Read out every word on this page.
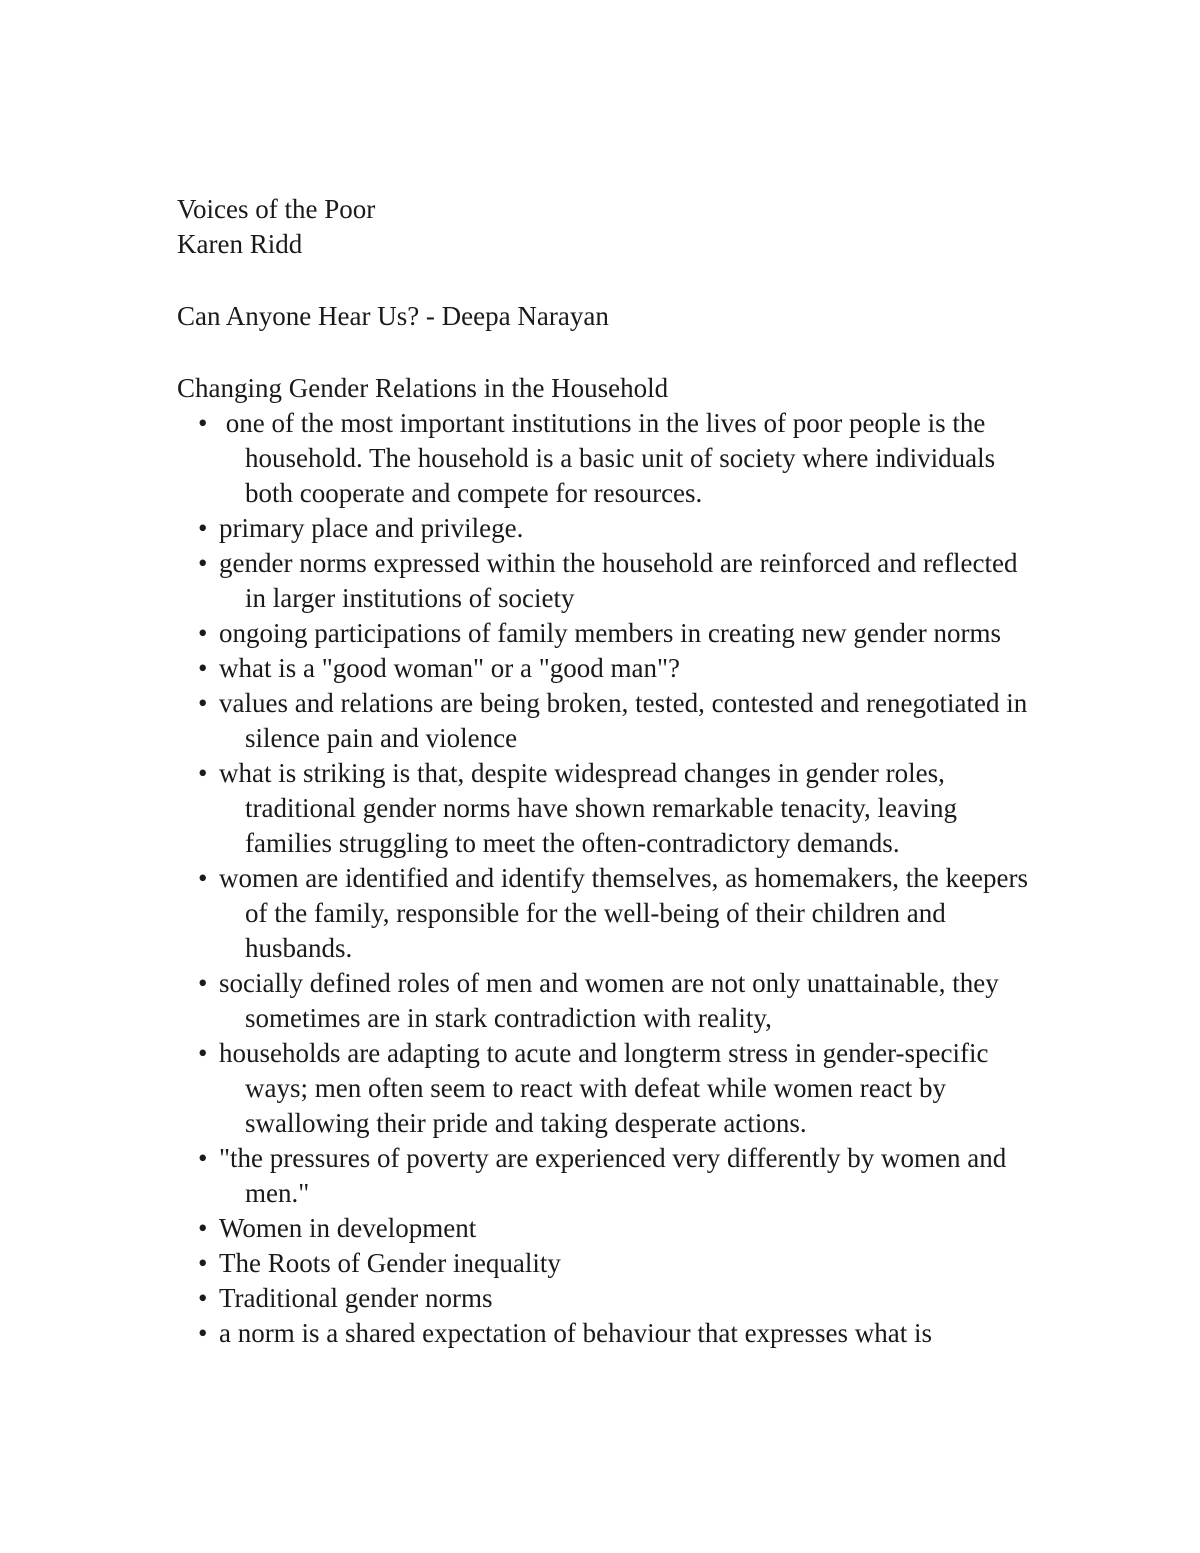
Voices of the Poor
Karen Ridd
Can Anyone Hear Us? - Deepa Narayan
Changing Gender Relations in the Household
• one of the most important institutions in the lives of poor people is the household. The household is a basic unit of society where individuals both cooperate and compete for resources.
• primary place and privilege.
• gender norms expressed within the household are reinforced and reflected in larger institutions of society
• ongoing participations of family members in creating new gender norms
• what is a "good woman" or a "good man"?
• values and relations are being broken, tested, contested and renegotiated in silence pain and violence
• what is striking is that, despite widespread changes in gender roles, traditional gender norms have shown remarkable tenacity, leaving families struggling to meet the often-contradictory demands.
• women are identified and identify themselves, as homemakers, the keepers of the family, responsible for the well-being of their children and husbands.
• socially defined roles of men and women are not only unattainable, they sometimes are in stark contradiction with reality,
• households are adapting to acute and longterm stress in gender-specific ways; men often seem to react with defeat while women react by swallowing their pride and taking desperate actions.
• "the pressures of poverty are experienced very differently by women and men."
• Women in development
• The Roots of Gender inequality
• Traditional gender norms
• a norm is a shared expectation of behaviour that expresses what is
